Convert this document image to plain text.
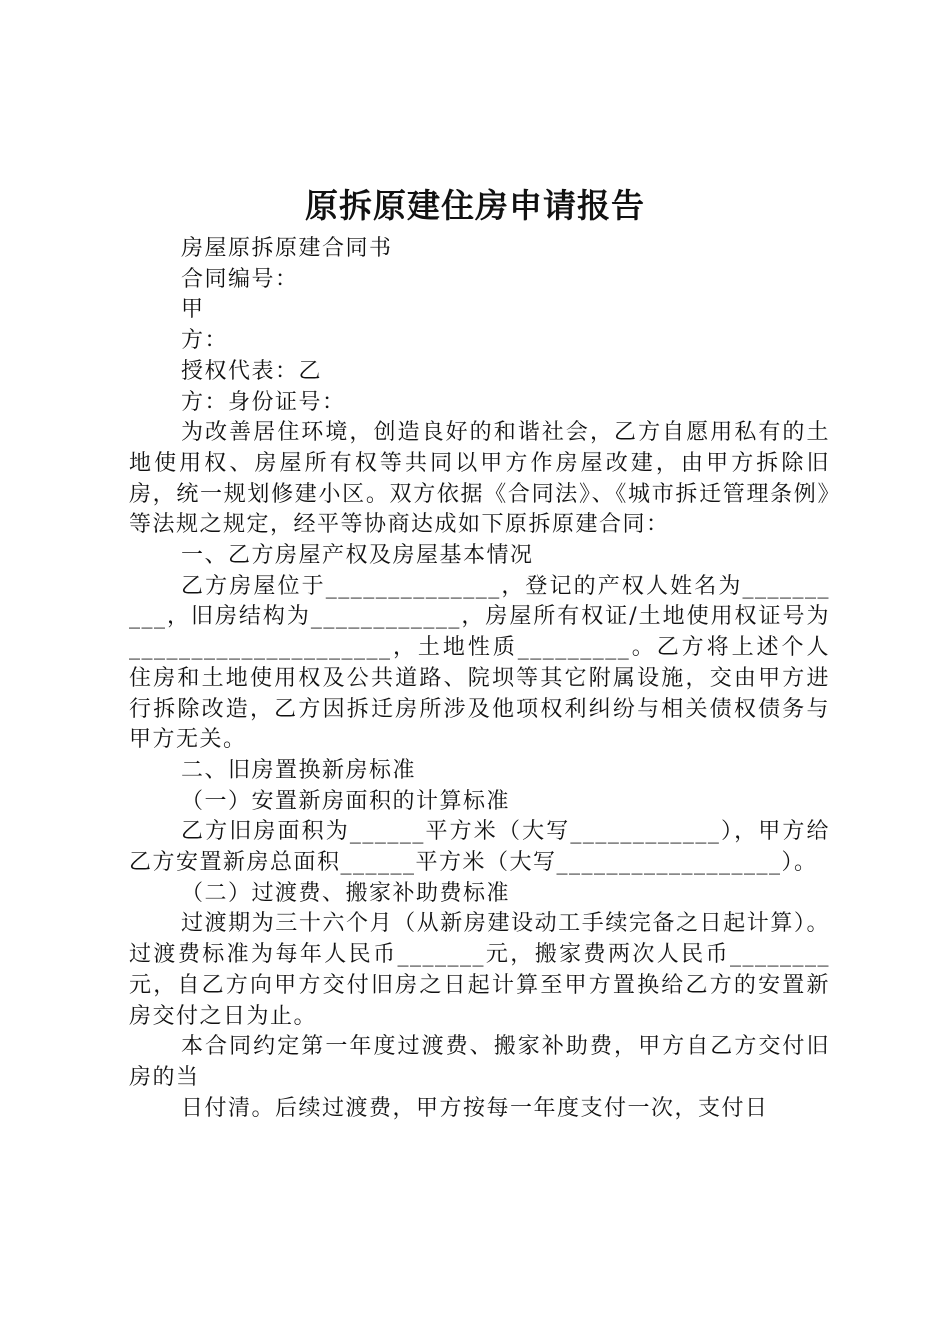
原拆原建住房申请报告

房屋原拆原建合同书

合同编号：

甲

方：

授权代表：乙

方：身份证号：

为改善居住环境，创造良好的和谐社会，乙方自愿用私有的土地使用权、房屋所有权等共同以甲方作房屋改建，由甲方拆除旧房，统一规划修建小区。双方依据《合同法》、《城市拆迁管理条例》等法规之规定，经平等协商达成如下原拆原建合同：

一、乙方房屋产权及房屋基本情况

乙方房屋位于______________，登记的产权人姓名为__________，旧房结构为____________，房屋所有权证/土地使用权证号为_____________________，土地性质_________。乙方将上述个人住房和土地使用权及公共道路、院坝等其它附属设施，交由甲方进行拆除改造，乙方因拆迁房所涉及他项权利纠纷与相关债权债务与甲方无关。

二、旧房置换新房标准

（一）安置新房面积的计算标准

乙方旧房面积为______平方米（大写____________），甲方给乙方安置新房总面积______平方米（大写__________________）。

（二）过渡费、搬家补助费标准

过渡期为三十六个月（从新房建设动工手续完备之日起计算）。过渡费标准为每年人民币_______元，搬家费两次人民币________元，自乙方向甲方交付旧房之日起计算至甲方置换给乙方的安置新房交付之日为止。

本合同约定第一年度过渡费、搬家补助费，甲方自乙方交付旧房的当

日付清。后续过渡费，甲方按每一年度支付一次，支付日
